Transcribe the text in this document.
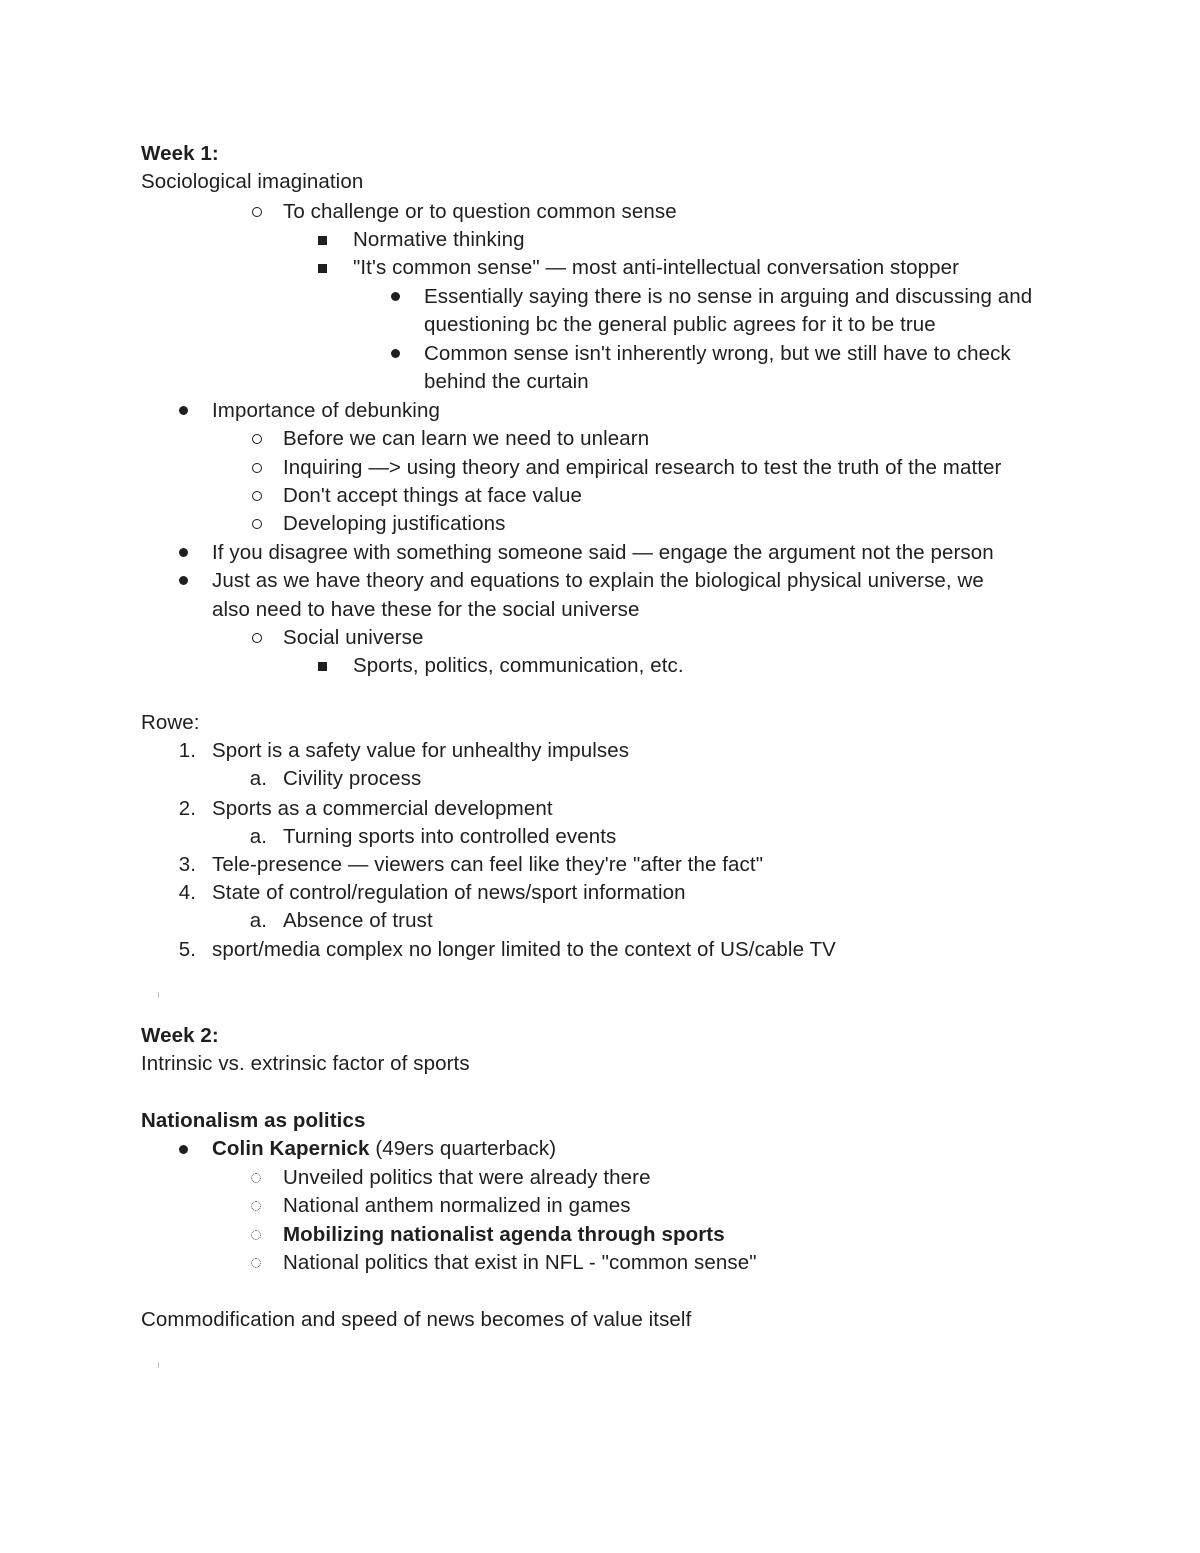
Week 1:
Sociological imagination
To challenge or to question common sense
Normative thinking
"It's common sense" — most anti-intellectual conversation stopper
Essentially saying there is no sense in arguing and discussing and
questioning bc the general public agrees for it to be true
Common sense isn't inherently wrong, but we still have to check
behind the curtain
Importance of debunking
Before we can learn we need to unlearn
Inquiring —> using theory and empirical research to test the truth of the matter
Don't accept things at face value
Developing justifications
If you disagree with something someone said — engage the argument not the person
Just as we have theory and equations to explain the biological physical universe, we
also need to have these for the social universe
Social universe
Sports, politics, communication, etc.
Rowe:
1. Sport is a safety value for unhealthy impulses
a. Civility process
2. Sports as a commercial development
a. Turning sports into controlled events
3. Tele-presence — viewers can feel like they're "after the fact"
4. State of control/regulation of news/sport information
a. Absence of trust
5. sport/media complex no longer limited to the context of US/cable TV
Week 2:
Intrinsic vs. extrinsic factor of sports
Nationalism as politics
Colin Kapernick (49ers quarterback)
Unveiled politics that were already there
National anthem normalized in games
Mobilizing nationalist agenda through sports
National politics that exist in NFL - "common sense"
Commodification and speed of news becomes of value itself
